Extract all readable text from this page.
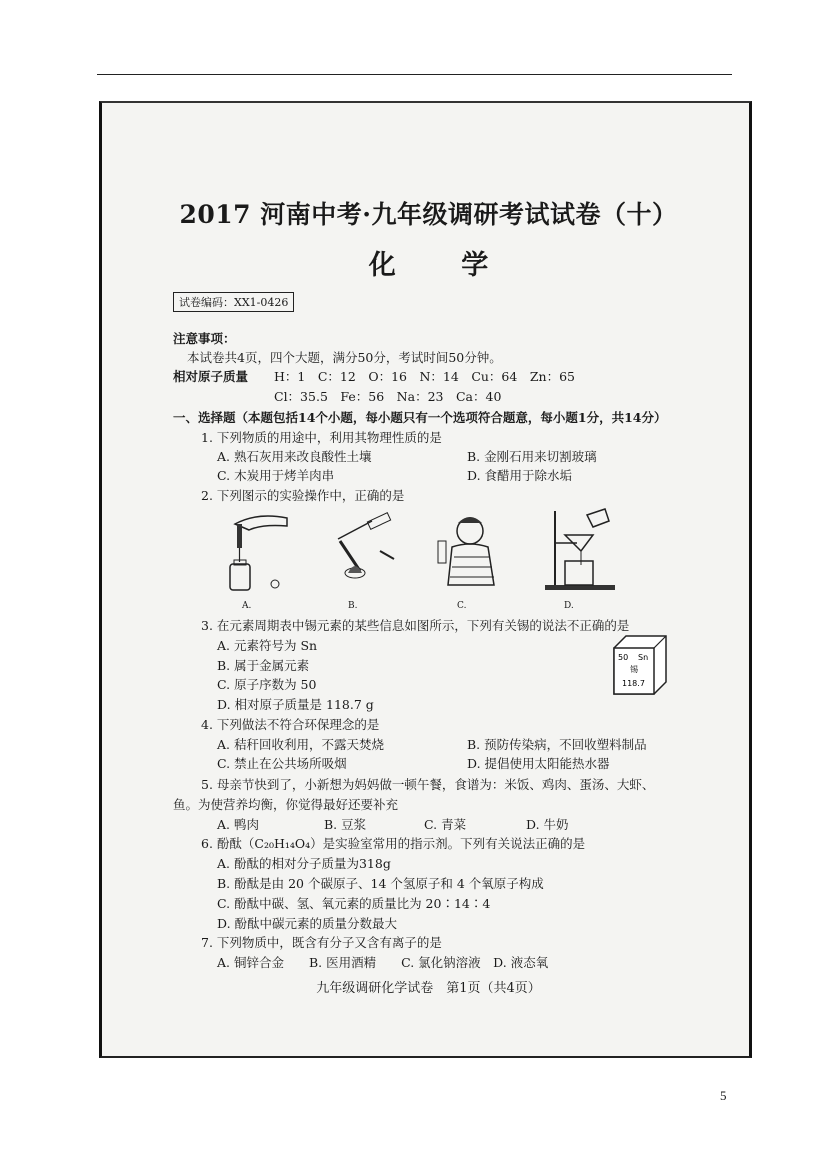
2017 河南中考·九年级调研考试试卷（十）
化 学
试卷编码：XX1-0426
注意事项：
本试卷共4页，四个大题，满分50分，考试时间50分钟。
相对原子质量 H：1　C：12　O：16　N：14　Cu：64　Zn：65
Cl：35.5　Fe：56　Na：23　Ca：40
一、选择题（本题包括14个小题，每小题只有一个选项符合题意，每小题1分，共14分）
1. 下列物质的用途中，利用其物理性质的是
A. 熟石灰用来改良酸性土壤	B. 金刚石用来切割玻璃
C. 木炭用于烤羊肉串	D. 食醋用于除水垢
2. 下列图示的实验操作中，正确的是
A.	B.	C.	D.
3. 在元素周期表中锡元素的某些信息如图所示，下列有关锡的说法不正确的是
A. 元素符号为 Sn
B. 属于金属元素
C. 原子序数为 50
D. 相对原子质量是 118.7 g
50 Sn
锡
118.7
4. 下列做法不符合环保理念的是
A. 秸秆回收利用，不露天焚烧	B. 预防传染病，不回收塑料制品
C. 禁止在公共场所吸烟	D. 提倡使用太阳能热水器
5. 母亲节快到了，小新想为妈妈做一顿午餐，食谱为：米饭、鸡肉、蛋汤、大虾、
鱼。为使营养均衡，你觉得最好还要补充
A. 鸭肉	B. 豆浆	C. 青菜	D. 牛奶
6. 酚酞（C₂₀H₁₄O₄）是实验室常用的指示剂。下列有关说法正确的是
A. 酚酞的相对分子质量为318g
B. 酚酞是由 20 个碳原子、14 个氢原子和 4 个氧原子构成
C. 酚酞中碳、氢、氧元素的质量比为 20∶14∶4
D. 酚酞中碳元素的质量分数最大
7. 下列物质中，既含有分子又含有离子的是
A. 铜锌合金　　B. 医用酒精　　C. 氯化钠溶液　D. 液态氧
九年级调研化学试卷　第1页（共4页）
5
